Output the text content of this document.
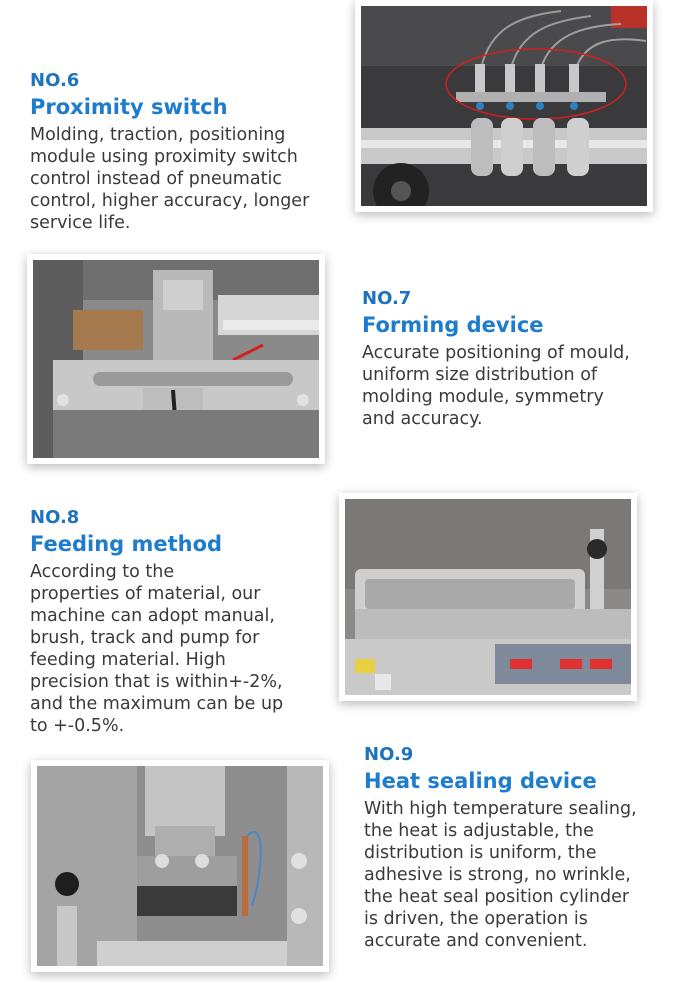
NO.6

Proximity switch

Molding, traction, positioning
module using proximity switch
control instead of pneumatic
control, higher accuracy, longer
service life.

NO.7

Forming device

Accurate positioning of mould,
uniform size distribution of
molding module, symmetry
and accuracy.

NO.8

Feeding method

According to the
properties of material, our
machine can adopt manual,
brush, track and pump for
feeding material. High
precision that is within+-2%,
and the maximum can be up
to +-0.5%.

NO.9

Heat sealing device

With high temperature sealing,
the heat is adjustable, the
distribution is uniform, the
adhesive is strong, no wrinkle,
the heat seal position cylinder
is driven, the operation is
accurate and convenient.
